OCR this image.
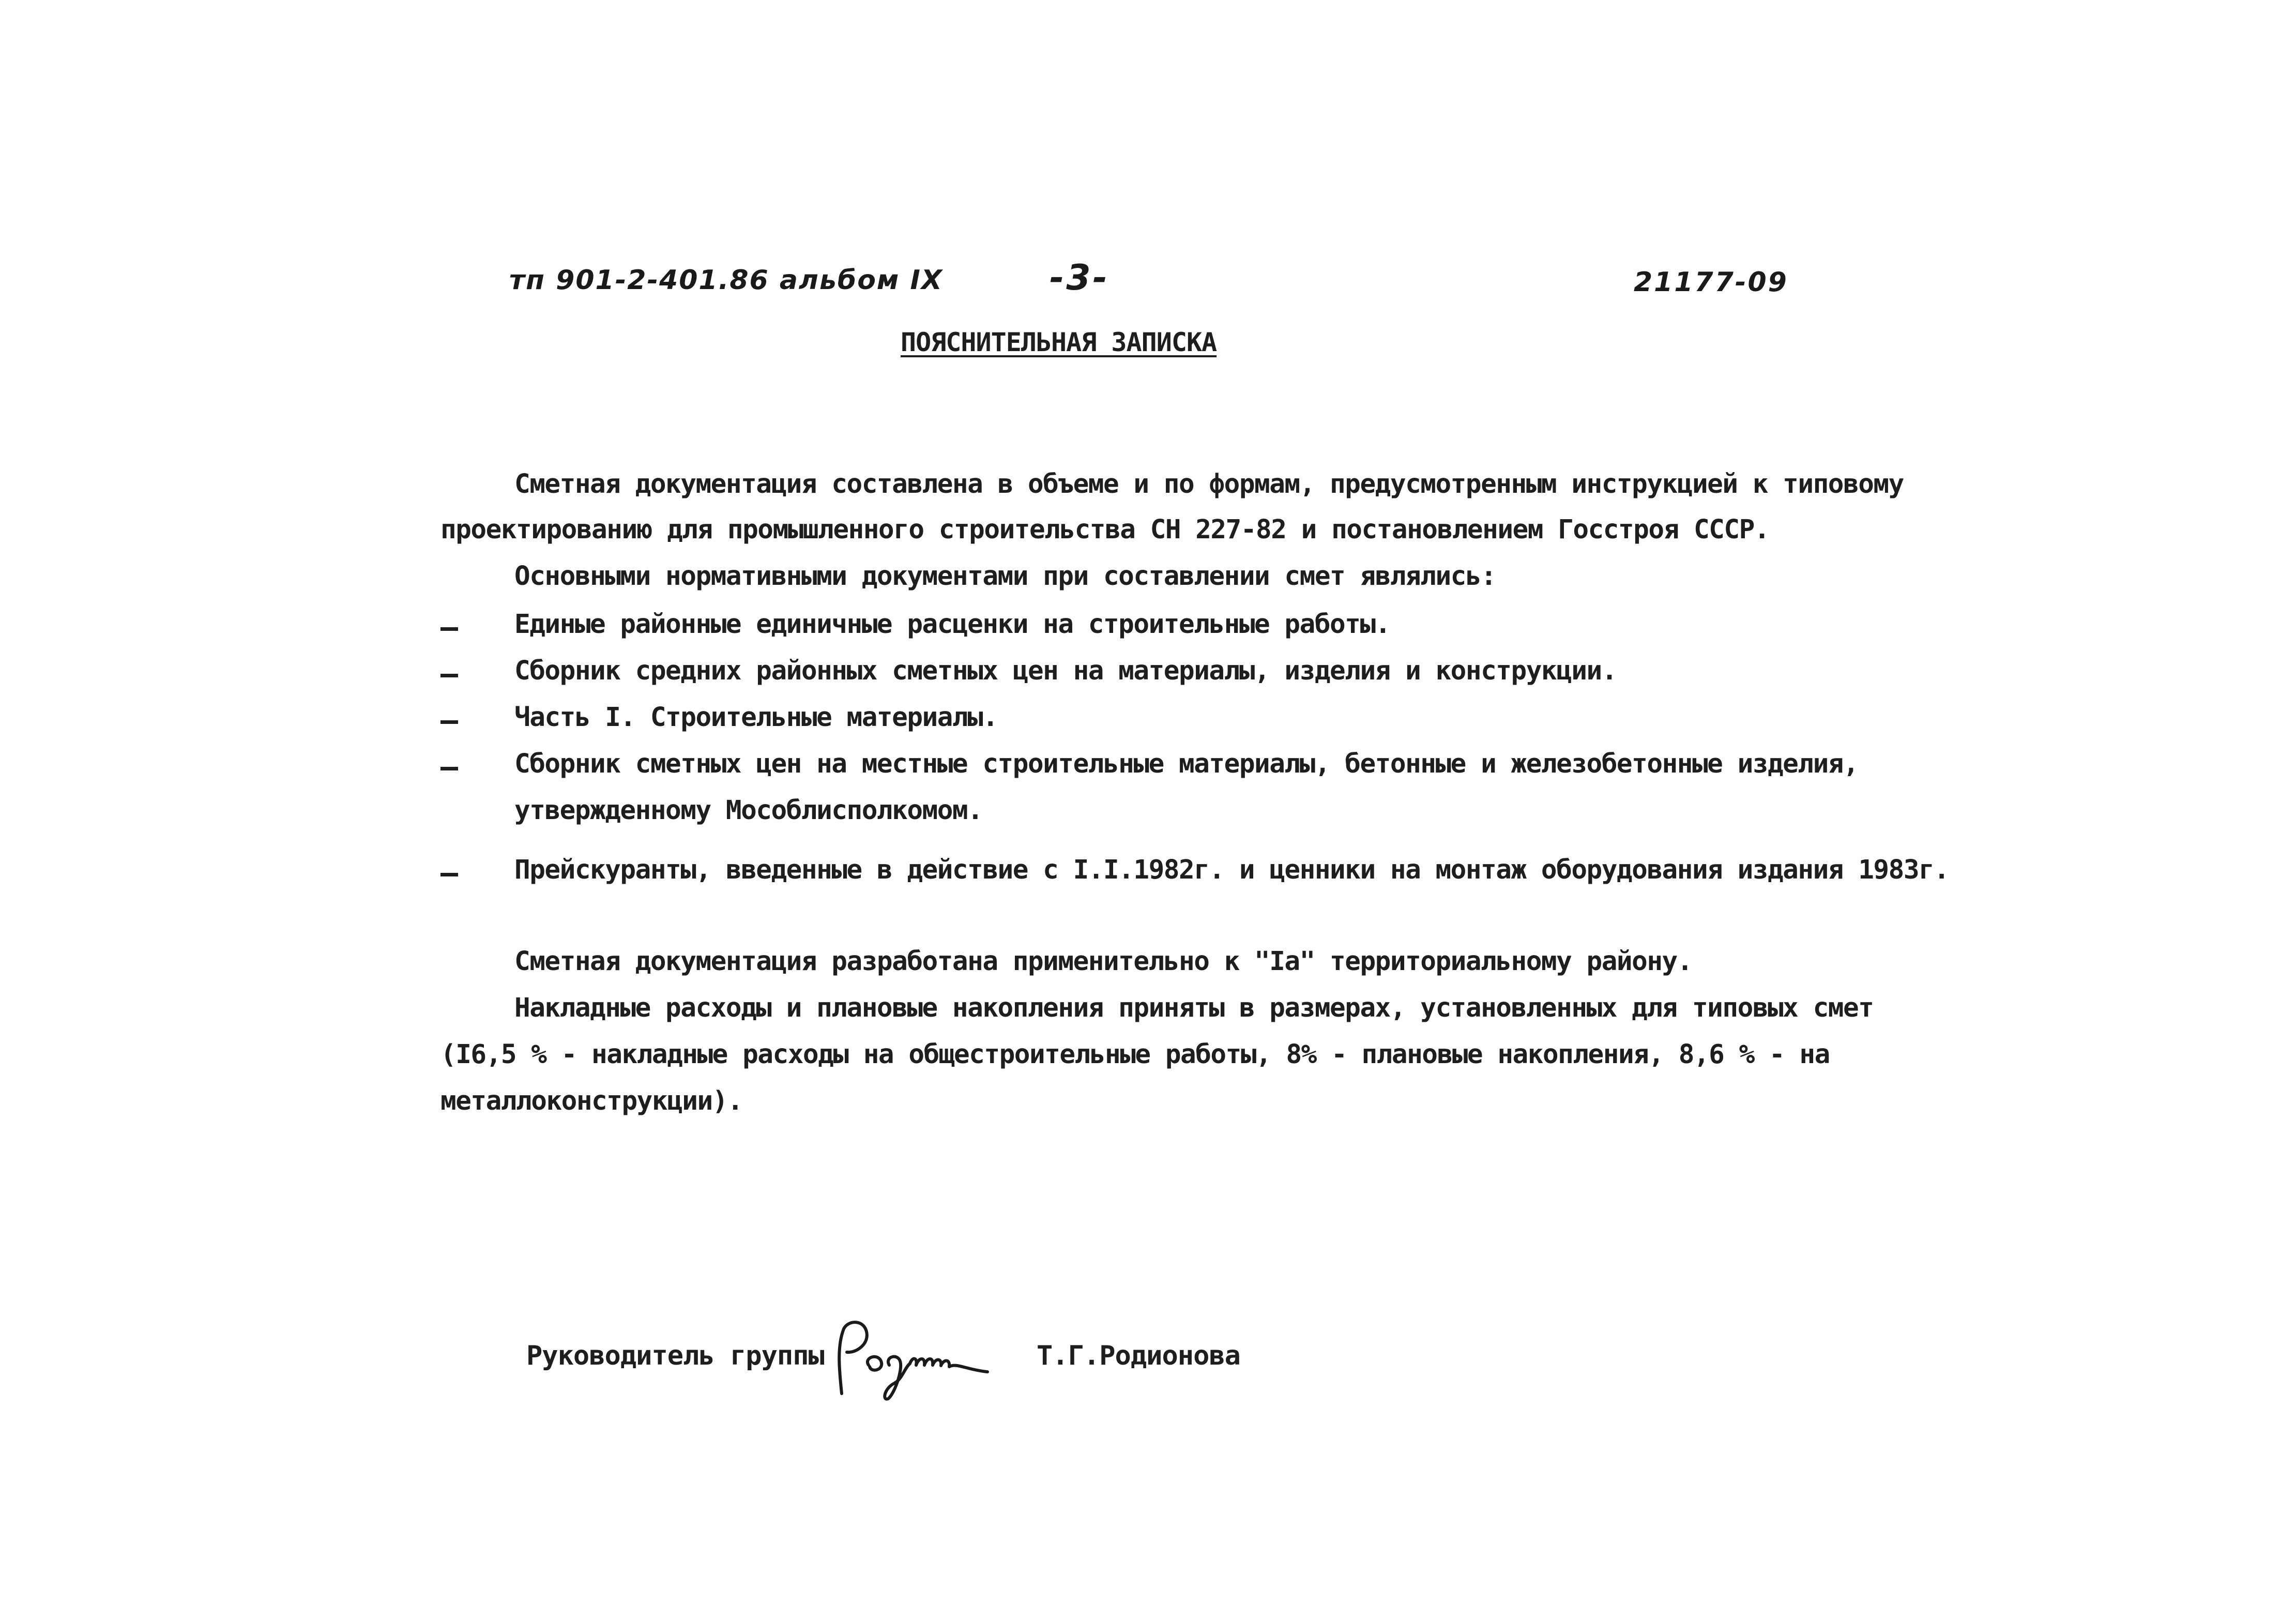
тп 901-2-401.86 альбом IX	-3-	21177-09
ПОЯСНИТЕЛЬНАЯ ЗАПИСКА
Сметная документация составлена в объеме и по формам, предусмотренным инструкцией к типовому
проектированию для промышленного строительства СН 227-82 и постановлением Госстроя СССР.
Основными нормативными документами при составлении смет являлись:
Единые районные единичные расценки на строительные работы.
Сборник средних районных сметных цен на материалы, изделия и конструкции.
Часть I. Строительные материалы.
Сборник сметных цен на местные строительные материалы, бетонные и железобетонные изделия,
утвержденному Мособлисполкомом.
Прейскуранты, введенные в действие с I.I.1982г. и ценники на монтаж оборудования издания 1983г.
Сметная документация разработана применительно к "Iа" территориальному району.
Накладные расходы и плановые накопления приняты в размерах, установленных для типовых смет
(I6,5 % - накладные расходы на общестроительные работы, 8% - плановые накопления, 8,6 % - на
металлоконструкции).
Руководитель группы	Т.Г.Родионова
